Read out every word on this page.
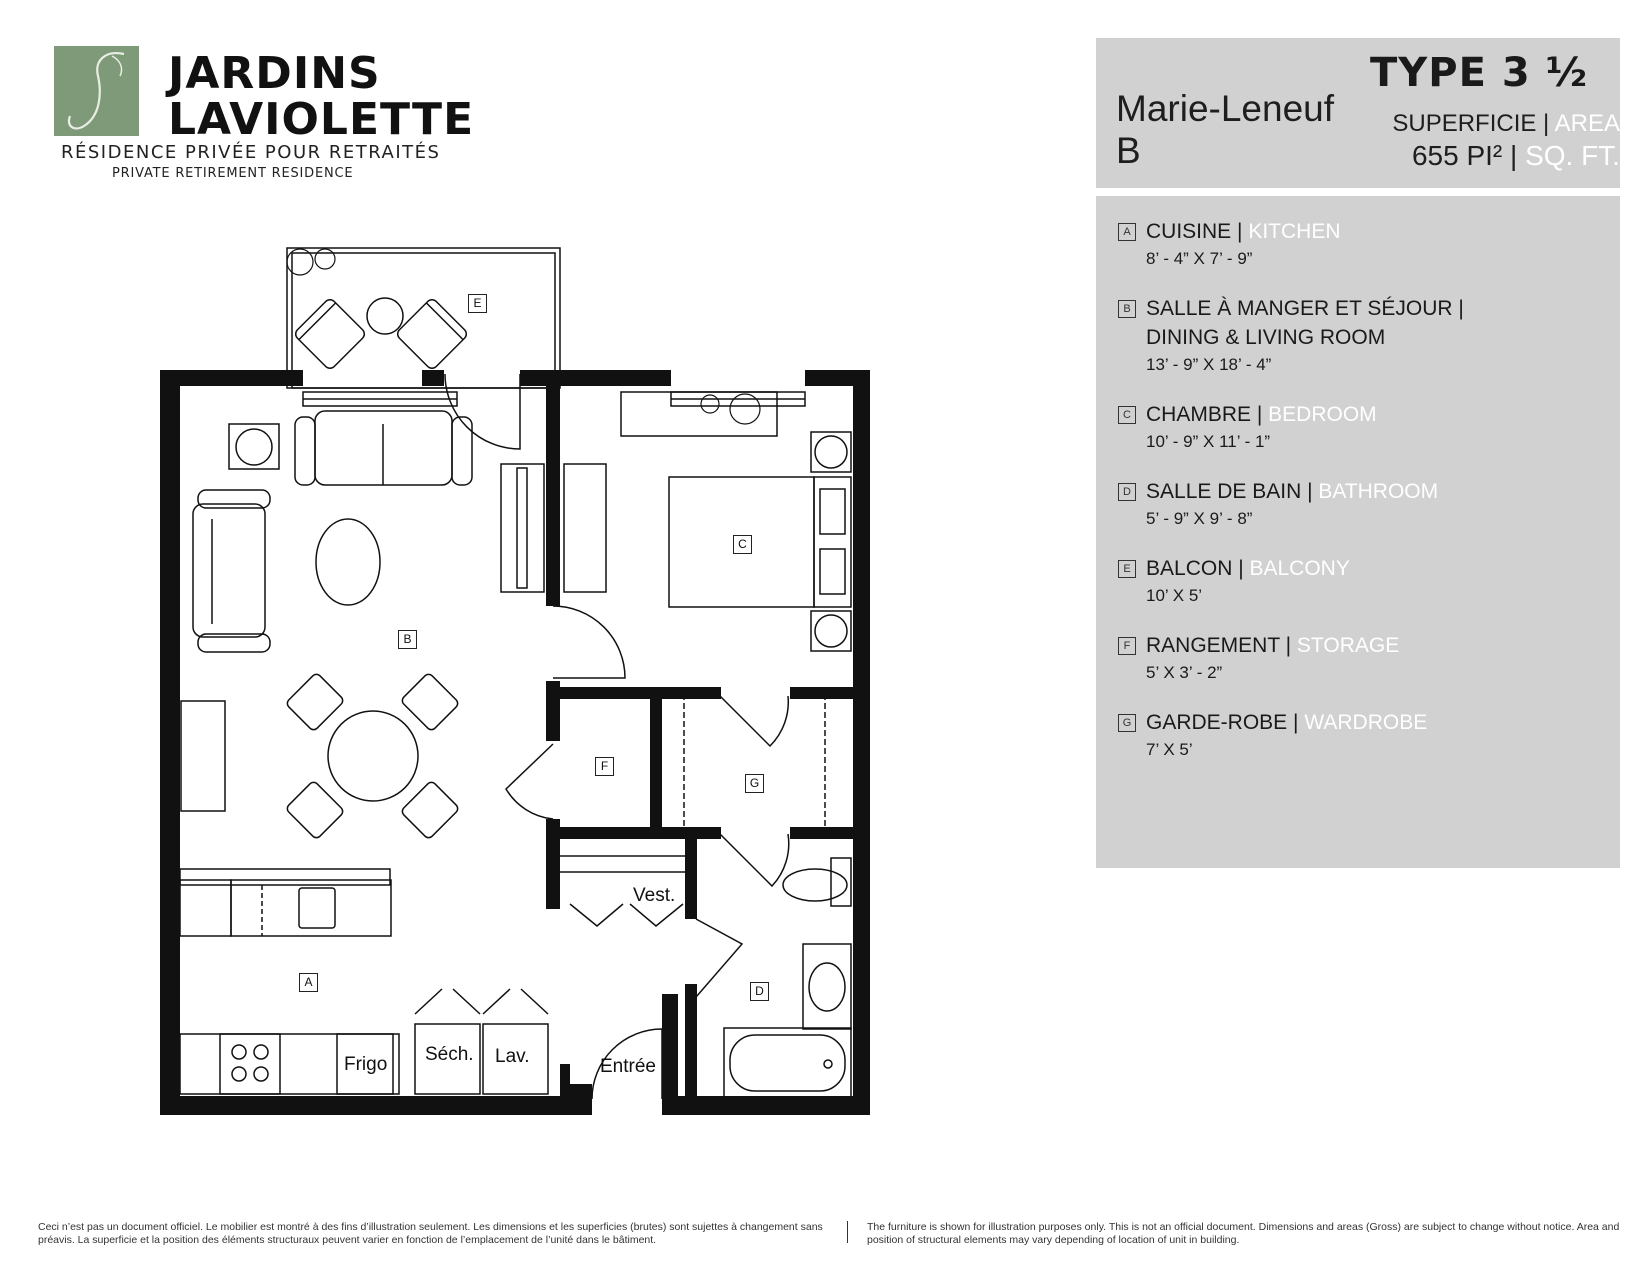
JARDINS
LAVIOLETTE
RÉSIDENCE PRIVÉE POUR RETRAITÉS
PRIVATE RETIREMENT RESIDENCE
Marie-Leneuf
B
TYPE 3 ½
SUPERFICIE | AREA
655 PI² | SQ. FT.
A CUISINE | KITCHEN
8’ - 4” X 7’ - 9”
B SALLE À MANGER ET SÉJOUR |
DINING & LIVING ROOM
13’ - 9” X 18’ - 4”
C CHAMBRE | BEDROOM
10’ - 9” X 11’ - 1”
D SALLE DE BAIN | BATHROOM
5’ - 9” X 9’ - 8”
E BALCON | BALCONY
10’ X 5’
F RANGEMENT | STORAGE
5’ X 3’ - 2”
G GARDE-ROBE | WARDROBE
7’ X 5’
E
B
C
F
G
A
D
Vest.
Frigo Séch. Lav.	Entrée
Ceci n’est pas un document officiel. Le mobilier est montré à des fins d’illustration seulement. Les dimensions et les superficies (brutes) sont sujettes à changement sans préavis. La superficie et la position des éléments structuraux peuvent varier en fonction de l’emplacement de l’unité dans le bâtiment.
The furniture is shown for illustration purposes only. This is not an official document. Dimensions and areas (Gross) are subject to change without notice. Area and position of structural elements may vary depending of location of unit in building.
